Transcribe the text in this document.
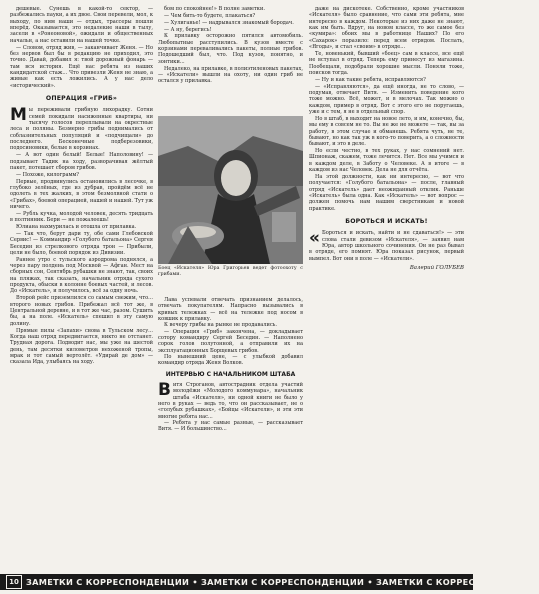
дешевые. Сунешь в какой-то сектор, — разбежались пауки, а их двое. Свои перевели, мол, к выходу, по ним наши — отдых, трассеры пошли вперёд. Оказывается, это недалекие наши в тылу, засели в «Ронеоновой», ожидали и общественных начальн, а нас оставили на нашей точке.

— Словом, отряд жив, — заканчивает Женя. — Но без нервов был бы в редакцию не приходил, это точно. Давай, добавил я: твой дорожный фонарь — там вся история. Ещё нас ребята из наших кандидатской стаж... Что привезли Женя не знаю, а живые как есть ложились. А у нас дело «исторический».

ОПЕРАЦИЯ «ГРИБ»

Мы переживали грибную лихорадку. Сотни семей покидали насиженные квартиры, ни тысячу голосов переплывали на окрестные леса и поляны. Безмерно грибы поднимались от соблазнительных популяций и «подчищали» до последнего. Бесконечные подберезовики, подосиновики, белые в корзинах.

— А вот один белый! Белые! Наполовину! — подзывает Тадик на ходу, разворачивая жёлтый пакет, потешает сбором грибов.

— Похоже, килограмм?

Первые, продвинулись остановились в лесочке, в глубоко зелёных, где из дубрав, пройдём всё не одолеть в тех жалких, в этом безмолвной стати о «Грибах», боевой операцией, нашей и нашей. Тут уж ничего.

— Рубль кучка, молодой человек, десять тридцать в полтинник. Бери — не пожалеешь!

Юлиана нахмурилась и отошла от прилавка.

— Так что, берут дари ту, обе сами Глебовской Сервис! — Коммандир «Голубого батальона» Сергея Беседин из стрелкового отряда трон — Прибыли, цели не было, боевой порядок из Дивизии.

Раннее утро с тульского аэродрома поднялся, а через пару полдень под Москвой — Афган. Мест на сборных сон, Сентябрь рубашки не знают, так, своих на пляжах, так сказать, начальник отряда сухого продукта, обыски в колонне боевых частей, и лесов. До «Искатель», и получилось, всё за одну ночь.

Второй рейс приземлился со самым свежим, что... второго новых грибов. Прибежал всё тот же, в Центральной деревне, и в тот же час, разом. Сушить бы, а на поле. «Искатель» спешил в эту самую долину.

Прямые пилы «Запахи» снова в Тульском лесу... Когда наш отряд передвигается, никто не отстанет. Трудная дорога. Подводит нас, мы уже на шестой день, там десятки километров нехоженой тропы, мрак и тот самый вертолёт. «Удирай де дом» — сказала Ида, улыбаясь на ходу.

бом по спокойнее!» В полне заметки.

— Чем бить-то будете, плакаться?

— Хулиганье! — надрывался знакомый бородач.

— А ну, берегись!

К прилавку осторожно пятился автомобиль. Любопытные расступились. В кузов вместе с корзинами переваливались пакеты, полные грибов. Подошедший был, что. Под кузов, понятно, и зонтики...

Недалеко, на прилавке, в полиэтиленовых пакетах, — «Искатели» вышли на охоту, ни один гриб не остался у прилавка.

Боец «Искателя» Юра Григорьев ведет фотоохоту с грибами.

Лава успевали отвечать признанием делалось, отвечать покупателям. Напрасно вызывались в кривых тележках — всё на тележке под носом в ковшик к прилавку.

К вечеру грибы на рынке не продавались.

— Операция «Гриб» закончена, — докладывает сотору командиру Сергей Беседин. — Наполнено сорок голов полутонной, а отправили их на эксплуатационных Борщевых грибов.

По нынешний цене, — с улыбкой добавил командир отряда Женя Волков.

ИНТЕРВЬЮ С НАЧАЛЬНИКОМ ШТАБА

Витя Строганов, автострадник отдела участий молодёжи «Молодого коммунара», начальник штаба «Искателя», ни одной книги не было у него в руках — ведь то, что он рассказывает, не о «голубых рубашках», «Бойцы «Искатели», и эти эти многие ребята нас...

— Ребята у нас самые разные, — рассказывает Витя. — И большинство...

даже на дискотеке. Собственно, кроме участников «Искателя» было сравнение, что сами эти ребята, мне интересно в каждом. Некоторые из них даже не знают, как им быть. Вдруг, на новом классе, то же самое без «кумира»: обоих мы в работнице Наших? По его «Сахарок» поразило: перед всем отрядом. Послать, «Ягоды», и стал «своим» в отряде...

Те, новенький, бывший «боец» сам в классе, все ещё не вступал в отряд. Теперь ему принесут из магазина. Пообещали, подобрали хорошие мысли. Поняли тоже, поисков тогда.

— Ну и как такие ребята, исправляются?

— «Исправляются», да ещё иногда, не то слово, — подумав, отвечает Витя. — Изменить поведение кого тоже можно. Всё, может, и в мелочах. Так можно о каждом, пример в отряд. Вот с этого его не поругаешь, уже и с тем, я не в отдельный спор.

Но в штаб, в выходит на новое лето, и им, конечно, бы, мы ему в совсем не то. Вы не же не можете — так, вы за работу, в этом случае и обманешь. Ребята чуть, не те, бывают, но как так уж в кого-то поверить, а о сложности бывают, и это в деле.

Но если честно, в тех руках, у нас сомнений нет. Шпионаж, скажем, тоже лечится. Нет. Все мы учимся и в каждом деле, в Заботу о Человеке. А в итоге — в каждом из нас Человек. Дела не для отчёта.

На этой должности, как ни интересно, — вот что получается: «Голубого батальона» — после, главный отряд «Искатель» дает неожиданный отклик. Раньше «Искатель» была одна. Как «Искатель» — вот вопрос — должен помочь нам нашим сверстникам и новой практике.

БОРОТЬСЯ И ИСКАТЬ!

« Бороться и искать, найти и не сдаваться!» — эти слова стали девизом «Искателя», — заявил нам Юра, автор школьного сочинения. Он не раз бывал в отряде, его помнят. Юра показал рисунок, первый вымпел. Вот они в поле — «Искатели».

Валерий ГОЛУБЕВ
ЗАМЕТКИ С КОРРЕСПОНДЕНЦИИ • ЗАМЕТКИ С КОРРЕСПОНДЕНЦИИ • ЗАМЕТКИ С КОРРЕСПОНДЕНЦИИ
10
